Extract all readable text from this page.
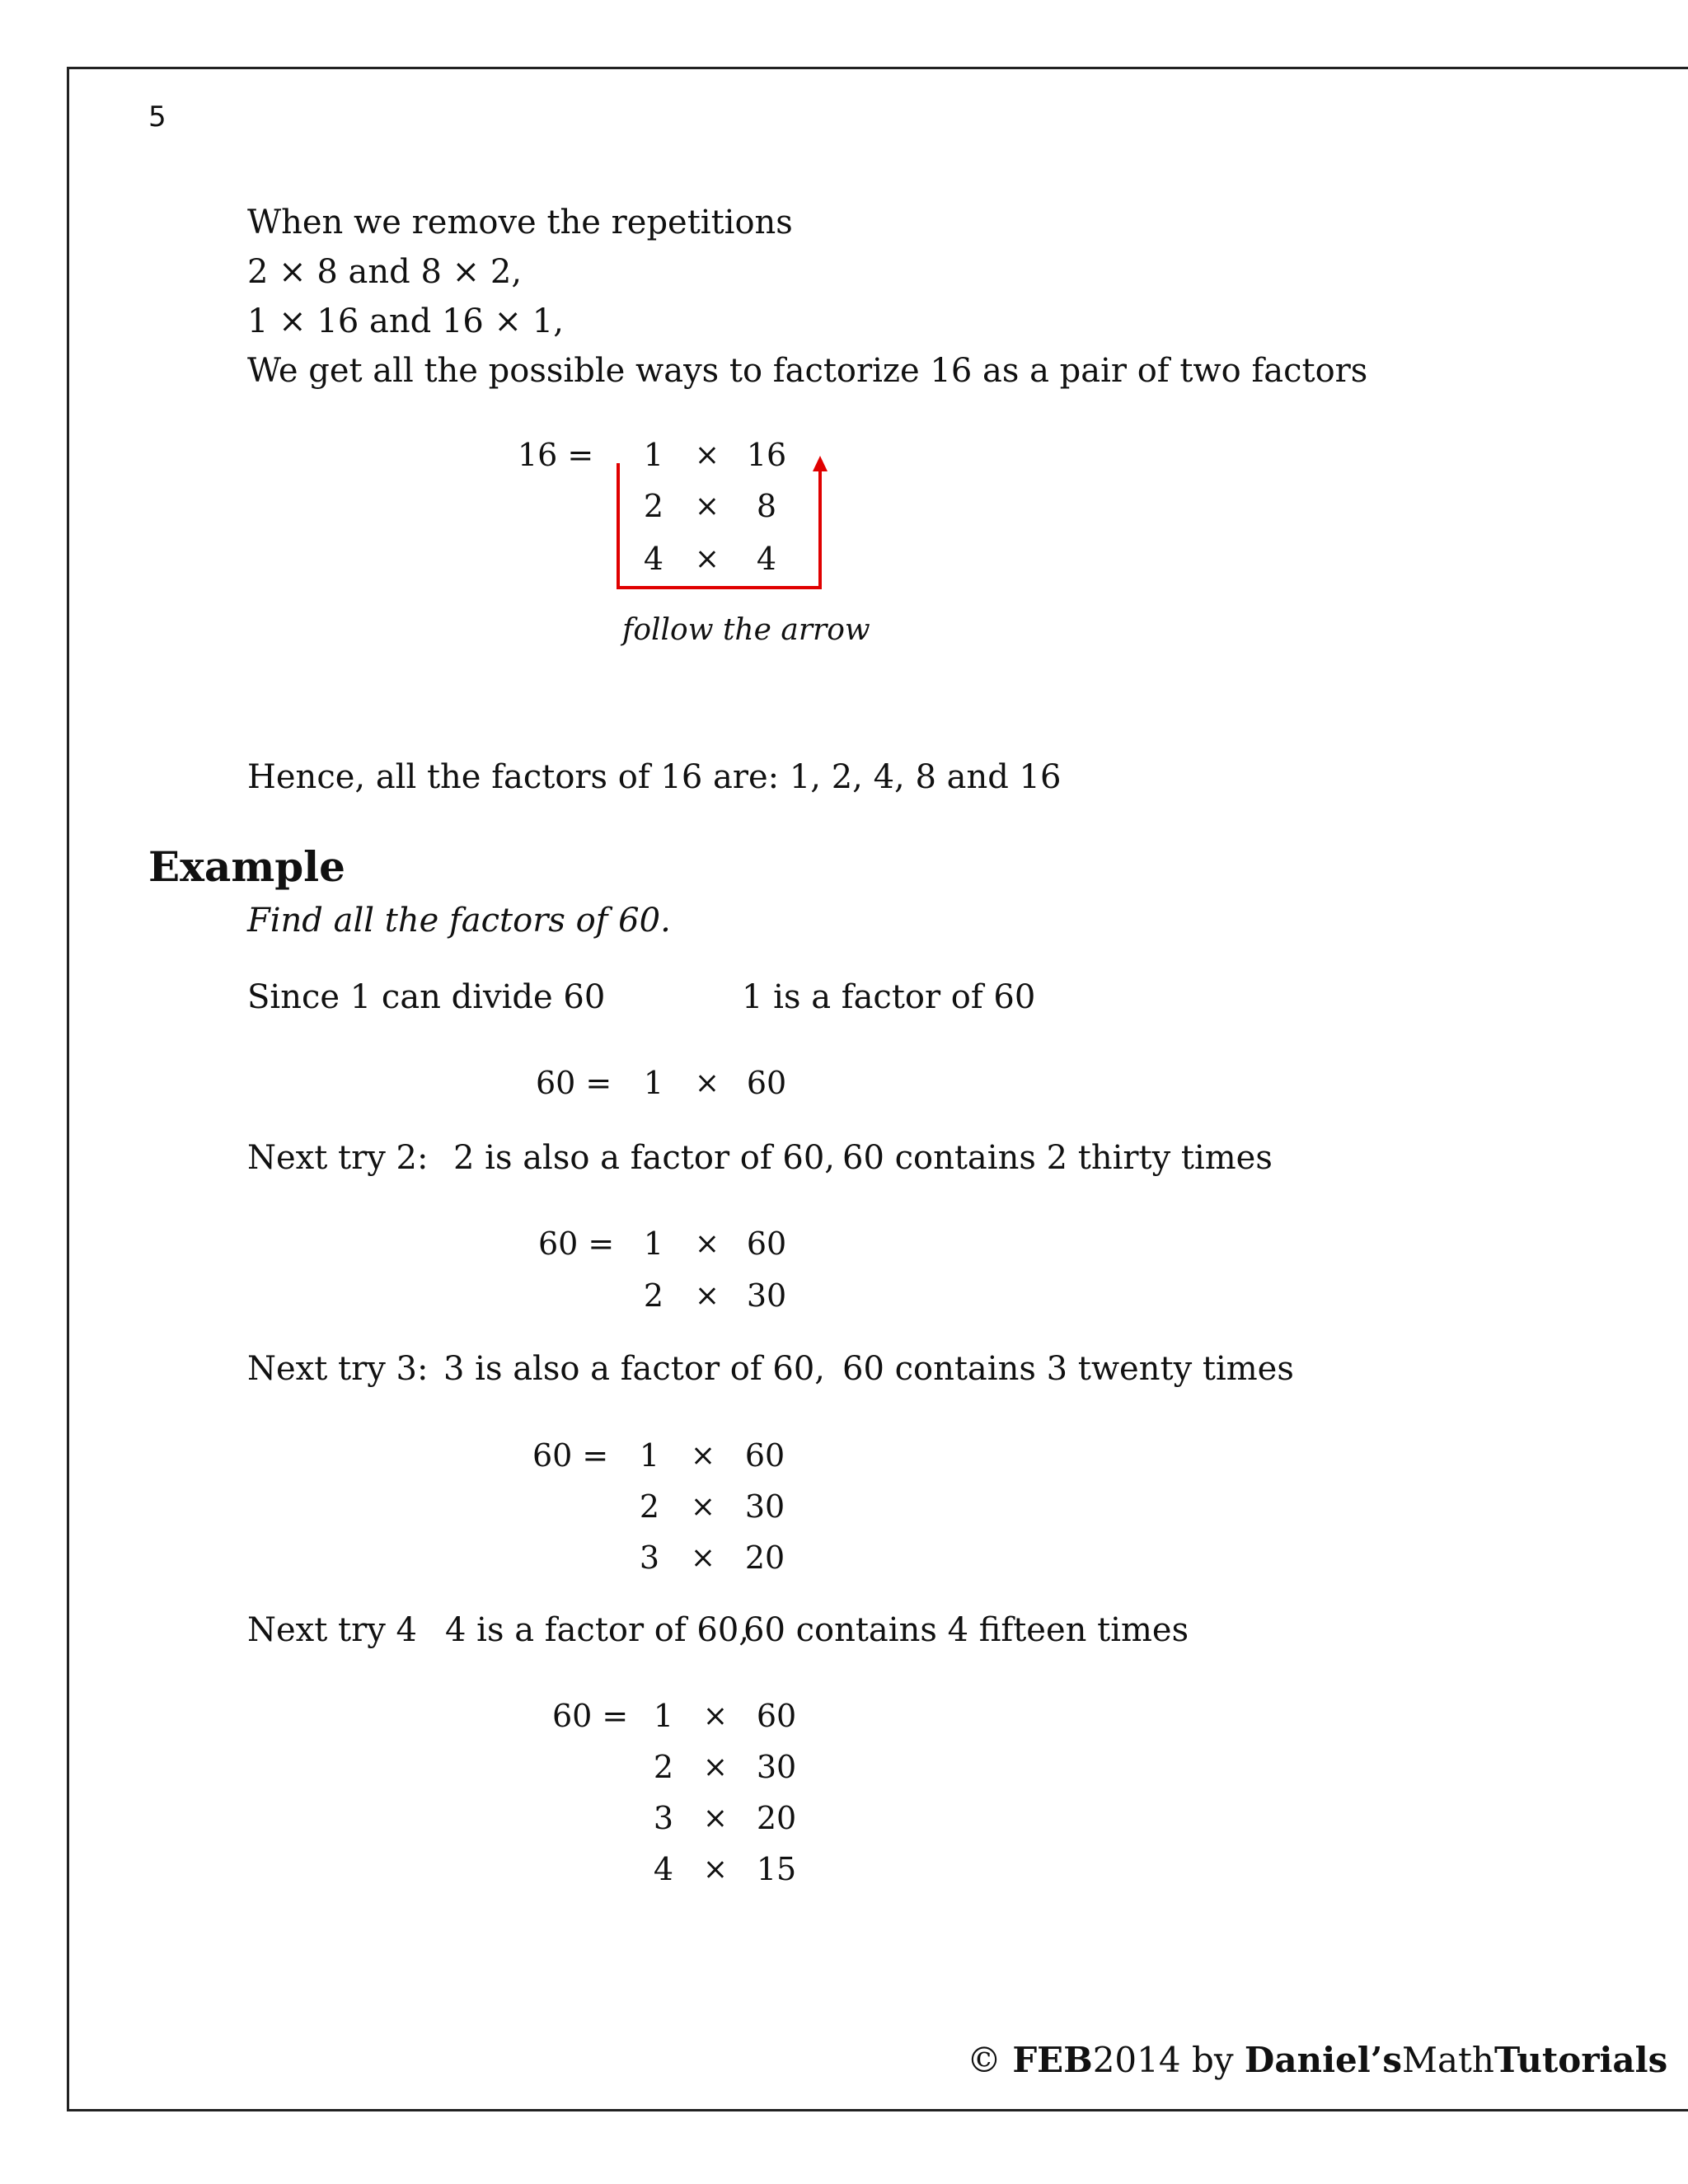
5
When we remove the repetitions
2 × 8 and 8 × 2,
1 × 16 and 16 × 1,
We get all the possible ways to factorize 16 as a pair of two factors
16 =	1	× 16
2	×	8
4	×	4
follow the arrow
Hence, all the factors of 16 are: 1, 2, 4, 8 and 16
Example
Find all the factors of 60.
Since 1 can divide 60	1 is a factor of 60
60 =	1	× 60
Next try 2: 2 is also a factor of 60, 60 contains 2 thirty times
60 = 1	× 60
2	× 30
Next try 3: 3 is also a factor of 60, 60 contains 3 twenty times
60 = 1	× 60
2	× 30
3	× 20
Next try 4 4 is a factor of 60,
60 contains 4 fifteen times
60 = 1 × 60
2 × 30
3 × 20
4 × 15
© FEB2014 by Daniel’sMathTutorials
